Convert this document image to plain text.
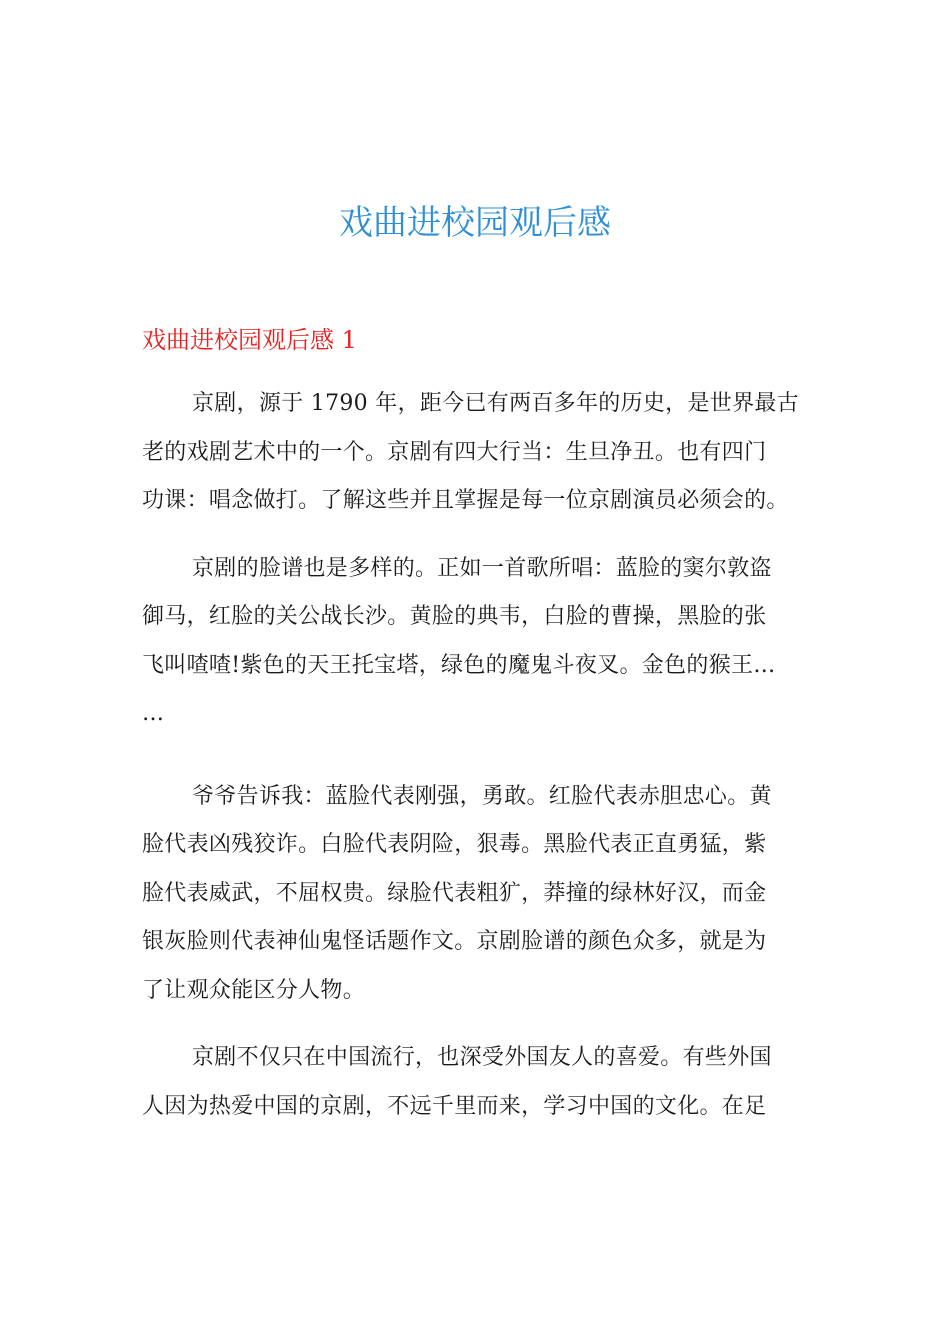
戏曲进校园观后感
戏曲进校园观后感 1

京剧，源于 1790 年，距今已有两百多年的历史，是世界最古
老的戏剧艺术中的一个。京剧有四大行当：生旦净丑。也有四门
功课：唱念做打。了解这些并且掌握是每一位京剧演员必须会的。

京剧的脸谱也是多样的。正如一首歌所唱：蓝脸的窦尔敦盗
御马，红脸的关公战长沙。黄脸的典韦，白脸的曹操，黑脸的张
飞叫喳喳!紫色的天王托宝塔，绿色的魔鬼斗夜叉。金色的猴王…
…

爷爷告诉我：蓝脸代表刚强，勇敢。红脸代表赤胆忠心。黄
脸代表凶残狡诈。白脸代表阴险，狠毒。黑脸代表正直勇猛，紫
脸代表威武，不屈权贵。绿脸代表粗犷，莽撞的绿林好汉，而金
银灰脸则代表神仙鬼怪话题作文。京剧脸谱的颜色众多，就是为
了让观众能区分人物。

京剧不仅只在中国流行，也深受外国友人的喜爱。有些外国
人因为热爱中国的京剧，不远千里而来，学习中国的文化。在足
